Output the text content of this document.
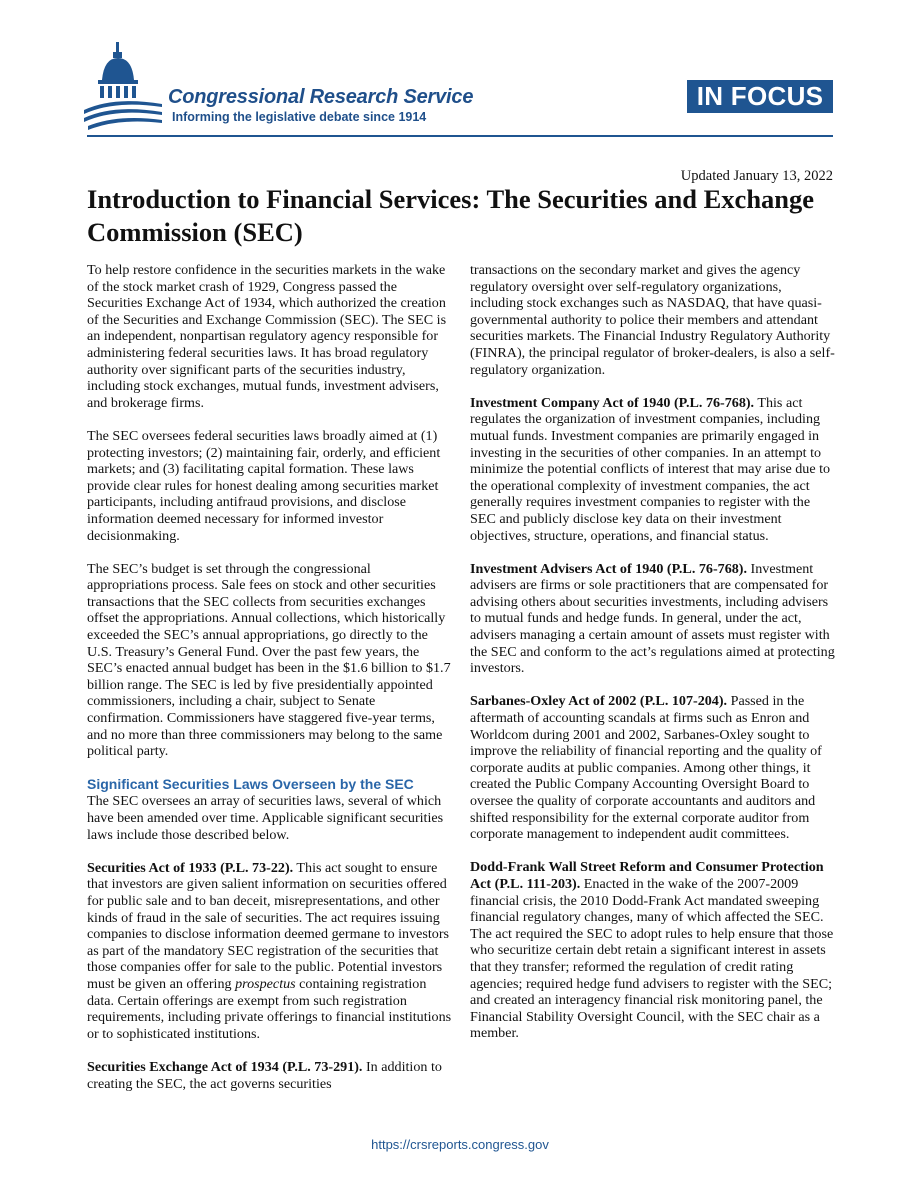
Congressional Research Service
Informing the legislative debate since 1914
IN FOCUS
Updated January 13, 2022
Introduction to Financial Services: The Securities and Exchange Commission (SEC)

To help restore confidence in the securities markets in the wake of the stock market crash of 1929, Congress passed the Securities Exchange Act of 1934, which authorized the creation of the Securities and Exchange Commission (SEC). The SEC is an independent, nonpartisan regulatory agency responsible for administering federal securities laws. It has broad regulatory authority over significant parts of the securities industry, including stock exchanges, mutual funds, investment advisers, and brokerage firms.

The SEC oversees federal securities laws broadly aimed at (1) protecting investors; (2) maintaining fair, orderly, and efficient markets; and (3) facilitating capital formation. These laws provide clear rules for honest dealing among securities market participants, including antifraud provisions, and disclose information deemed necessary for informed investor decisionmaking.

The SEC’s budget is set through the congressional appropriations process. Sale fees on stock and other securities transactions that the SEC collects from securities exchanges offset the appropriations. Annual collections, which historically exceeded the SEC’s annual appropriations, go directly to the U.S. Treasury’s General Fund. Over the past few years, the SEC’s enacted annual budget has been in the $1.6 billion to $1.7 billion range. The SEC is led by five presidentially appointed commissioners, including a chair, subject to Senate confirmation. Commissioners have staggered five-year terms, and no more than three commissioners may belong to the same political party.

Significant Securities Laws Overseen by the SEC

The SEC oversees an array of securities laws, several of which have been amended over time. Applicable significant securities laws include those described below.

Securities Act of 1933 (P.L. 73-22). This act sought to ensure that investors are given salient information on securities offered for public sale and to ban deceit, misrepresentations, and other kinds of fraud in the sale of securities. The act requires issuing companies to disclose information deemed germane to investors as part of the mandatory SEC registration of the securities that those companies offer for sale to the public. Potential investors must be given an offering prospectus containing registration data. Certain offerings are exempt from such registration requirements, including private offerings to financial institutions or to sophisticated institutions.

Securities Exchange Act of 1934 (P.L. 73-291). In addition to creating the SEC, the act governs securities

transactions on the secondary market and gives the agency regulatory oversight over self-regulatory organizations, including stock exchanges such as NASDAQ, that have quasi-governmental authority to police their members and attendant securities markets. The Financial Industry Regulatory Authority (FINRA), the principal regulator of broker-dealers, is also a self-regulatory organization.

Investment Company Act of 1940 (P.L. 76-768). This act regulates the organization of investment companies, including mutual funds. Investment companies are primarily engaged in investing in the securities of other companies. In an attempt to minimize the potential conflicts of interest that may arise due to the operational complexity of investment companies, the act generally requires investment companies to register with the SEC and publicly disclose key data on their investment objectives, structure, operations, and financial status.

Investment Advisers Act of 1940 (P.L. 76-768). Investment advisers are firms or sole practitioners that are compensated for advising others about securities investments, including advisers to mutual funds and hedge funds. In general, under the act, advisers managing a certain amount of assets must register with the SEC and conform to the act’s regulations aimed at protecting investors.

Sarbanes-Oxley Act of 2002 (P.L. 107-204). Passed in the aftermath of accounting scandals at firms such as Enron and Worldcom during 2001 and 2002, Sarbanes-Oxley sought to improve the reliability of financial reporting and the quality of corporate audits at public companies. Among other things, it created the Public Company Accounting Oversight Board to oversee the quality of corporate accountants and auditors and shifted responsibility for the external corporate auditor from corporate management to independent audit committees.

Dodd-Frank Wall Street Reform and Consumer Protection Act (P.L. 111-203). Enacted in the wake of the 2007-2009 financial crisis, the 2010 Dodd-Frank Act mandated sweeping financial regulatory changes, many of which affected the SEC. The act required the SEC to adopt rules to help ensure that those who securitize certain debt retain a significant interest in assets that they transfer; reformed the regulation of credit rating agencies; required hedge fund advisers to register with the SEC; and created an interagency financial risk monitoring panel, the Financial Stability Oversight Council, with the SEC chair as a member.

https://crsreports.congress.gov
